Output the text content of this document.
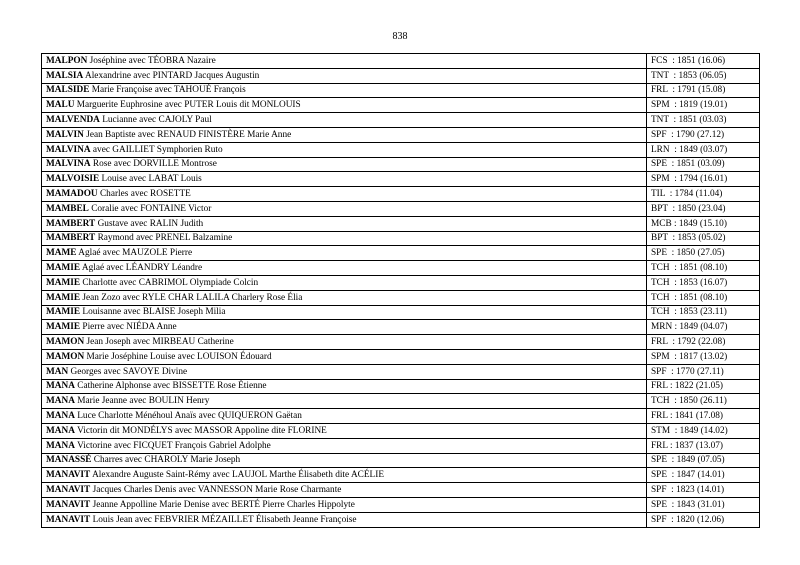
838
MALPON Joséphine avec TÉOBRA Nazaire	FCS  : 1851 (16.06)
MALSIA Alexandrine avec PINTARD Jacques Augustin	TNT  : 1853 (06.05)
MALSIDE Marie Françoise avec TAHOUÉ François	FRL  : 1791 (15.08)
MALU Marguerite Euphrosine avec PUTER Louis dit MONLOUIS	SPM  : 1819 (19.01)
MALVENDA Lucianne avec CAJOLY Paul	TNT  : 1851 (03.03)
MALVIN Jean Baptiste avec RENAUD FINISTÈRE Marie Anne	SPF  : 1790 (27.12)
MALVINA avec GAILLIET Symphorien Ruto	LRN  : 1849 (03.07)
MALVINA Rose avec DORVILLE Montrose	SPE  : 1851 (03.09)
MALVOISIE Louise avec LABAT Louis	SPM  : 1794 (16.01)
MAMADOU Charles avec ROSETTE	TIL  : 1784 (11.04)
MAMBEL Coralie avec FONTAINE Victor	BPT  : 1850 (23.04)
MAMBERT Gustave avec RALIN Judith	MCB : 1849 (15.10)
MAMBERT Raymond avec PRENEL Balzamine	BPT  : 1853 (05.02)
MAME Aglaé avec MAUZOLE Pierre	SPE  : 1850 (27.05)
MAMIE Aglaé avec LÉANDRY Léandre	TCH  : 1851 (08.10)
MAMIE Charlotte avec CABRIMOL Olympiade Colcin	TCH  : 1853 (16.07)
MAMIE Jean Zozo avec RYLE CHAR LALILA Charlery Rose Élia	TCH  : 1851 (08.10)
MAMIE Louisanne avec BLAISE Joseph Milia	TCH  : 1853 (23.11)
MAMIE Pierre avec NIÉDA Anne	MRN : 1849 (04.07)
MAMON Jean Joseph avec MIRBEAU Catherine	FRL  : 1792 (22.08)
MAMON Marie Joséphine Louise avec LOUISON Édouard	SPM  : 1817 (13.02)
MAN Georges avec SAVOYE Divine	SPF  : 1770 (27.11)
MANA Catherine Alphonse avec BISSETTE Rose Étienne	FRL : 1822 (21.05)
MANA Marie Jeanne avec BOULIN Henry	TCH  : 1850 (26.11)
MANA Luce Charlotte Ménéhoul Anaïs avec QUIQUERON Gaëtan	FRL : 1841 (17.08)
MANA Victorin dit MONDÉLYS avec MASSOR Appoline dite FLORINE	STM  : 1849 (14.02)
MANA Victorine avec FICQUET François Gabriel Adolphe	FRL : 1837 (13.07)
MANASSÉ Charres avec CHAROLY Marie Joseph	SPE  : 1849 (07.05)
MANAVIT Alexandre Auguste Saint-Rémy avec LAUJOL Marthe Élisabeth dite ACÉLIE	SPE  : 1847 (14.01)
MANAVIT Jacques Charles Denis avec VANNESSON Marie Rose Charmante	SPF  : 1823 (14.01)
MANAVIT Jeanne Appolline Marie Denise avec BERTÉ Pierre Charles Hippolyte	SPE  : 1843 (31.01)
MANAVIT Louis Jean avec FEBVRIER MÉZAILLET Élisabeth Jeanne Françoise	SPF  : 1820 (12.06)
